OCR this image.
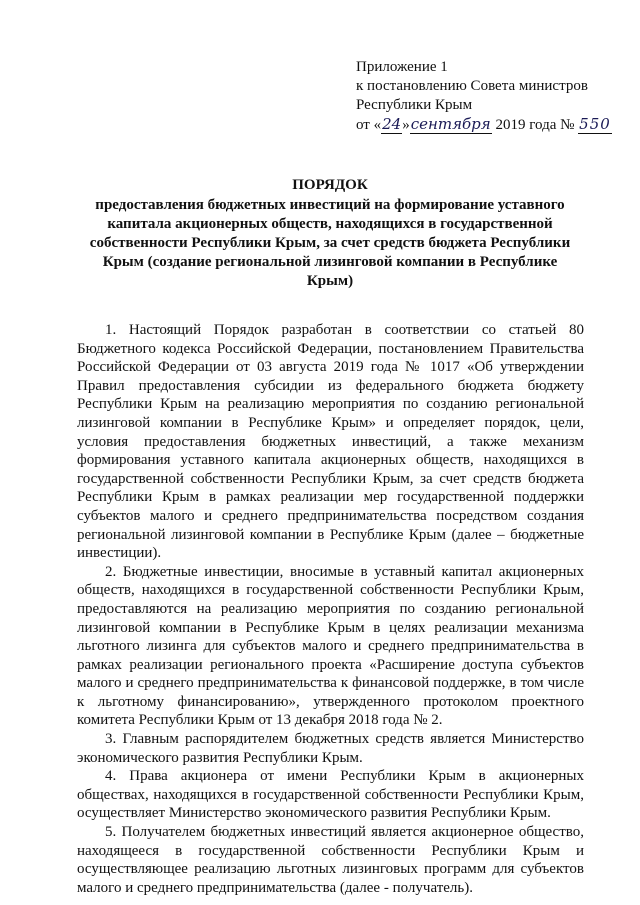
Приложение 1
к постановлению Совета министров
Республики Крым
от «24»сентября 2019 года № 550
ПОРЯДОК
предоставления бюджетных инвестиций на формирование уставного капитала акционерных обществ, находящихся в государственной собственности Республики Крым, за счет средств бюджета Республики Крым (создание региональной лизинговой компании в Республике Крым)

1. Настоящий Порядок разработан в соответствии со статьей 80 Бюджетного кодекса Российской Федерации, постановлением Правительства Российской Федерации от 03 августа 2019 года № 1017 «Об утверждении Правил предоставления субсидии из федерального бюджета бюджету Республики Крым на реализацию мероприятия по созданию региональной лизинговой компании в Республике Крым» и определяет порядок, цели, условия предоставления бюджетных инвестиций, а также механизм формирования уставного капитала акционерных обществ, находящихся в государственной собственности Республики Крым, за счет средств бюджета Республики Крым в рамках реализации мер государственной поддержки субъектов малого и среднего предпринимательства посредством создания региональной лизинговой компании в Республике Крым (далее – бюджетные инвестиции).

2. Бюджетные инвестиции, вносимые в уставный капитал акционерных обществ, находящихся в государственной собственности Республики Крым, предоставляются на реализацию мероприятия по созданию региональной лизинговой компании в Республике Крым в целях реализации механизма льготного лизинга для субъектов малого и среднего предпринимательства в рамках реализации регионального проекта «Расширение доступа субъектов малого и среднего предпринимательства к финансовой поддержке, в том числе к льготному финансированию», утвержденного протоколом проектного комитета Республики Крым от 13 декабря 2018 года № 2.

3. Главным распорядителем бюджетных средств является Министерство экономического развития Республики Крым.

4. Права акционера от имени Республики Крым в акционерных обществах, находящихся в государственной собственности Республики Крым, осуществляет Министерство экономического развития Республики Крым.

5. Получателем бюджетных инвестиций является акционерное общество, находящееся в государственной собственности Республики Крым и осуществляющее реализацию льготных лизинговых программ для субъектов малого и среднего предпринимательства (далее - получатель).
